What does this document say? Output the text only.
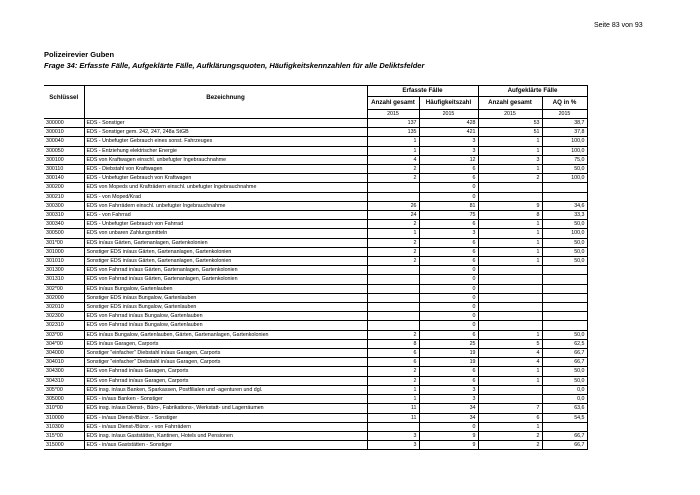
Seite 83 von 93
Polizeirevier Guben
Frage 34: Erfasste Fälle, Aufgeklärte Fälle, Aufklärungsquoten, Häufigkeitskennzahlen für alle Deliktsfelder
Schlüssel	Bezeichnung	Erfasste Fälle		Aufgeklärte Fälle	
		Anzahl gesamt	Häufigkeitszahl	Anzahl gesamt	AQ in %
		2015	2015	2015	2015
300000	EDS - Sonstiger	137	428	53	38,7
300010	EDS - Sonstiger gem. 242, 247, 248a StGB	135	421	51	37,8
300040	EDS - Unbefugter Gebrauch eines sonst. Fahrzeuges	1	3	1	100,0
300050	EDS - Entziehung elektrischer Energie	1	3	1	100,0
300100	EDS von Kraftwagen einschl. unbefugter Ingebrauchnahme	4	12	3	75,0
300110	EDS - Diebstahl von Kraftwagen	2	6	1	50,0
300140	EDS - Unbefugter Gebrauch von Kraftwagen	2	6	2	100,0
300200	EDS von Mopeds und Krafträdern einschl. unbefugter Ingebrauchnahme		0		
300210	EDS - von Moped/Krad		0		
300300	EDS von Fahrrädern einschl. unbefugter Ingebrauchnahme	26	81	9	34,6
300310	EDS - von Fahrrad	24	75	8	33,3
300340	EDS - Unbefugter Gebrauch von Fahrrad	2	6	1	50,0
300500	EDS von unbaren Zahlungsmitteln	1	3	1	100,0
301*00	EDS in/aus Gärten, Gartenanlagen, Gartenkolonien	2	6	1	50,0
301000	Sonstiger EDS in/aus Gärten, Gartenanlagen, Gartenkolonien	2	6	1	50,0
301010	Sonstiger EDS in/aus Gärten, Gartenanlagen, Gartenkolonien	2	6	1	50,0
301300	EDS von Fahrrad in/aus Gärten, Gartenanlagen, Gartenkolonien		0		
301310	EDS von Fahrrad in/aus Gärten, Gartenanlagen, Gartenkolonien		0		
302*00	EDS in/aus Bungalow, Gartenlauben		0		
302000	Sonstiger EDS in/aus Bungalow, Gartenlauben		0		
302010	Sonstiger EDS in/aus Bungalow, Gartenlauben		0		
302300	EDS von Fahrrad in/aus Bungalow, Gartenlauben		0		
302310	EDS von Fahrrad in/aus Bungalow, Gartenlauben		0		
303*00	EDS in/aus Bungalow, Gartenlauben, Gärten, Gartenanlagen, Gartenkolonien	2	6	1	50,0
304*00	EDS in/aus Garagen, Carports	8	25	5	62,5
304000	Sonstiger "einfacher" Diebstahl in/aus Garagen, Carports	6	19	4	66,7
304010	Sonstiger "einfacher" Diebstahl in/aus Garagen, Carports	6	19	4	66,7
304300	EDS von Fahrrad in/aus Garagen, Carports	2	6	1	50,0
304310	EDS von Fahrrad in/aus Garagen, Carports	2	6	1	50,0
305*00	EDS insg. in/aus Banken, Sparkassen, Postfilialen und -agenturen und dgl.	1	3		0,0
305000	EDS - in/aus Banken - Sonstiger	1	3		0,0
310*00	EDS insg. in/aus Dienst-, Büro-, Fabrikations-, Werkstatt- und Lagerräumen	11	34	7	63,6
310000	EDS - in/aus Dienst-/Büror. - Sonstiger	11	34	6	54,5
310300	EDS - in/aus Dienst-/Büror. - von Fahrrädern		0	1	
315*00	EDS insg. in/aus Gaststätten, Kantinen, Hotels und Pensionen	3	9	2	66,7
315000	EDS - in/aus Gaststätten - Sonstiger	3	9	2	66,7
